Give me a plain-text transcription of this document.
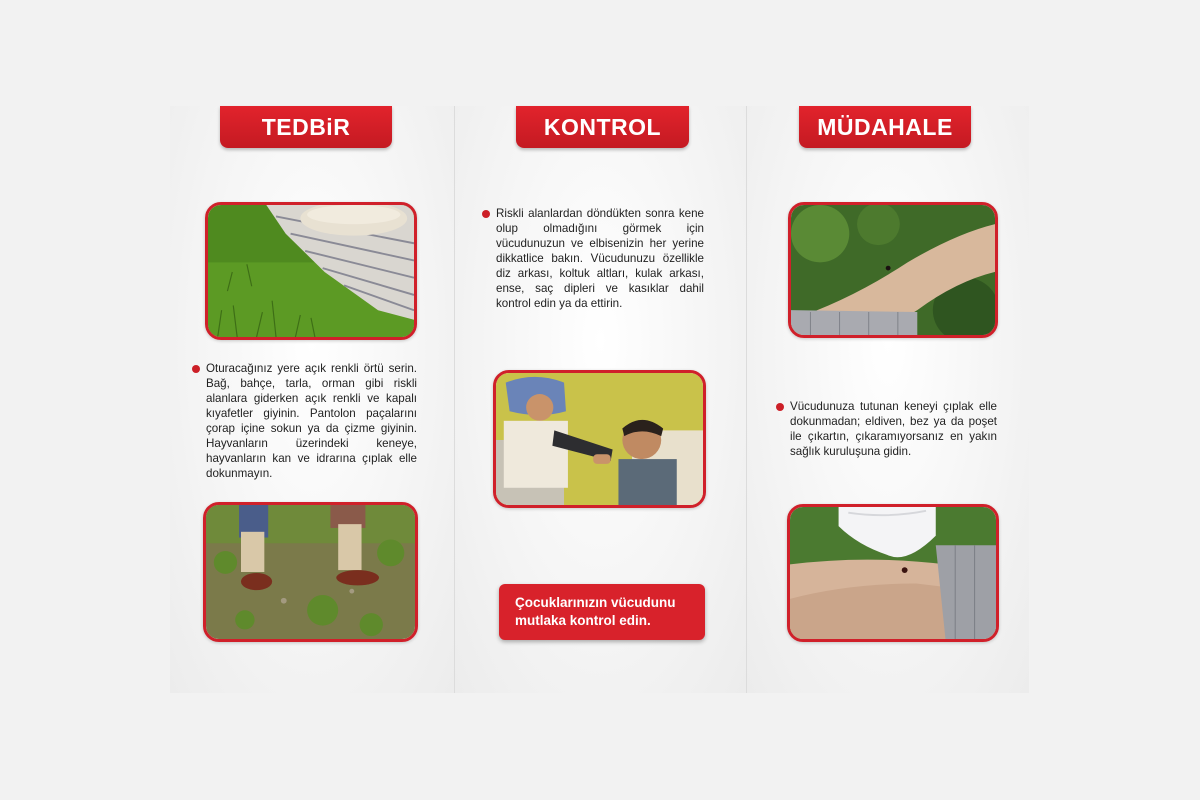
TEDBiR
Oturacağınız yere açık renkli örtü serin. Bağ, bahçe, tarla, orman gibi riskli alanlara giderken açık renkli ve kapalı kıyafetler giyinin. Pantolon paçalarını çorap içine sokun ya da çizme giyinin. Hayvanların üzerindeki keneye, hayvanların kan ve idrarına çıplak elle dokunmayın.
KONTROL
Riskli alanlardan döndükten sonra kene olup olmadığını görmek için vücudunuzun ve elbisenizin her yerine dikkatlice bakın. Vücudunuzu özellikle diz arkası, koltuk altları, kulak arkası, ense, saç dipleri ve kasıklar dahil kontrol edin ya da ettirin.
Çocuklarınızın vücudunu mutlaka kontrol edin.
MÜDAHALE
Vücudunuza tutunan keneyi çıplak elle dokunmadan; eldiven, bez ya da poşet ile çıkartın, çıkaramıyorsanız en yakın sağlık kuruluşuna gidin.
